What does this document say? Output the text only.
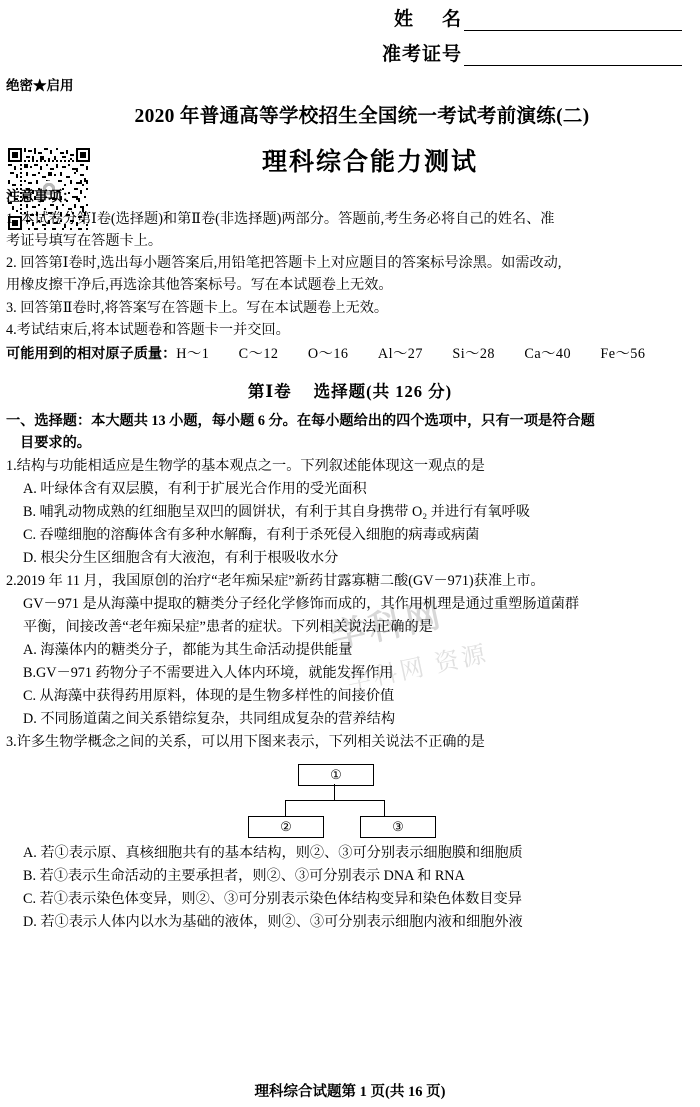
学科网
学科网 资源
姓 名
准考证号
绝密★启用
2020 年普通高等学校招生全国统一考试考前演练(二)
理科综合能力测试
注意事项：
1. 本试卷分第Ⅰ卷(选择题)和第Ⅱ卷(非选择题)两部分。答题前,考生务必将自己的姓名、准
考证号填写在答题卡上。
2. 回答第Ⅰ卷时,选出每小题答案后,用铅笔把答题卡上对应题目的答案标号涂黑。如需改动,
用橡皮擦干净后,再选涂其他答案标号。写在本试题卷上无效。
3. 回答第Ⅱ卷时,将答案写在答题卡上。写在本试题卷上无效。
4.考试结束后,将本试题卷和答题卡一并交回。
可能用到的相对原子质量：H～1　　C～12　　O～16　　Al～27　　Si～28　　Ca～40　　Fe～56
第Ⅰ卷 选择题(共 126 分)
一、选择题：本大题共 13 小题，每小题 6 分。在每小题给出的四个选项中，只有一项是符合题
目要求的。
1.结构与功能相适应是生物学的基本观点之一。下列叙述能体现这一观点的是
A. 叶绿体含有双层膜，有利于扩展光合作用的受光面积
B. 哺乳动物成熟的红细胞呈双凹的圆饼状，有利于其自身携带 O₂ 并进行有氧呼吸
C. 吞噬细胞的溶酶体含有多种水解酶，有利于杀死侵入细胞的病毒或病菌
D. 根尖分生区细胞含有大液泡，有利于根吸收水分
2.2019 年 11 月，我国原创的治疗“老年痴呆症”新药甘露寡糖二酸(GV－971)获准上市。
GV－971 是从海藻中提取的糖类分子经化学修饰而成的，其作用机理是通过重塑肠道菌群
平衡，间接改善“老年痴呆症”患者的症状。下列相关说法正确的是
A. 海藻体内的糖类分子，都能为其生命活动提供能量
B.GV－971 药物分子不需要进入人体内环境，就能发挥作用
C. 从海藻中获得药用原料，体现的是生物多样性的间接价值
D. 不同肠道菌之间关系错综复杂，共同组成复杂的营养结构
3.许多生物学概念之间的关系，可以用下图来表示，下列相关说法不正确的是
①
②	③
A. 若①表示原、真核细胞共有的基本结构，则②、③可分别表示细胞膜和细胞质
B. 若①表示生命活动的主要承担者，则②、③可分别表示 DNA 和 RNA
C. 若①表示染色体变异，则②、③可分别表示染色体结构变异和染色体数目变异
D. 若①表示人体内以水为基础的液体，则②、③可分别表示细胞内液和细胞外液
理科综合试题第 1 页(共 16 页)
